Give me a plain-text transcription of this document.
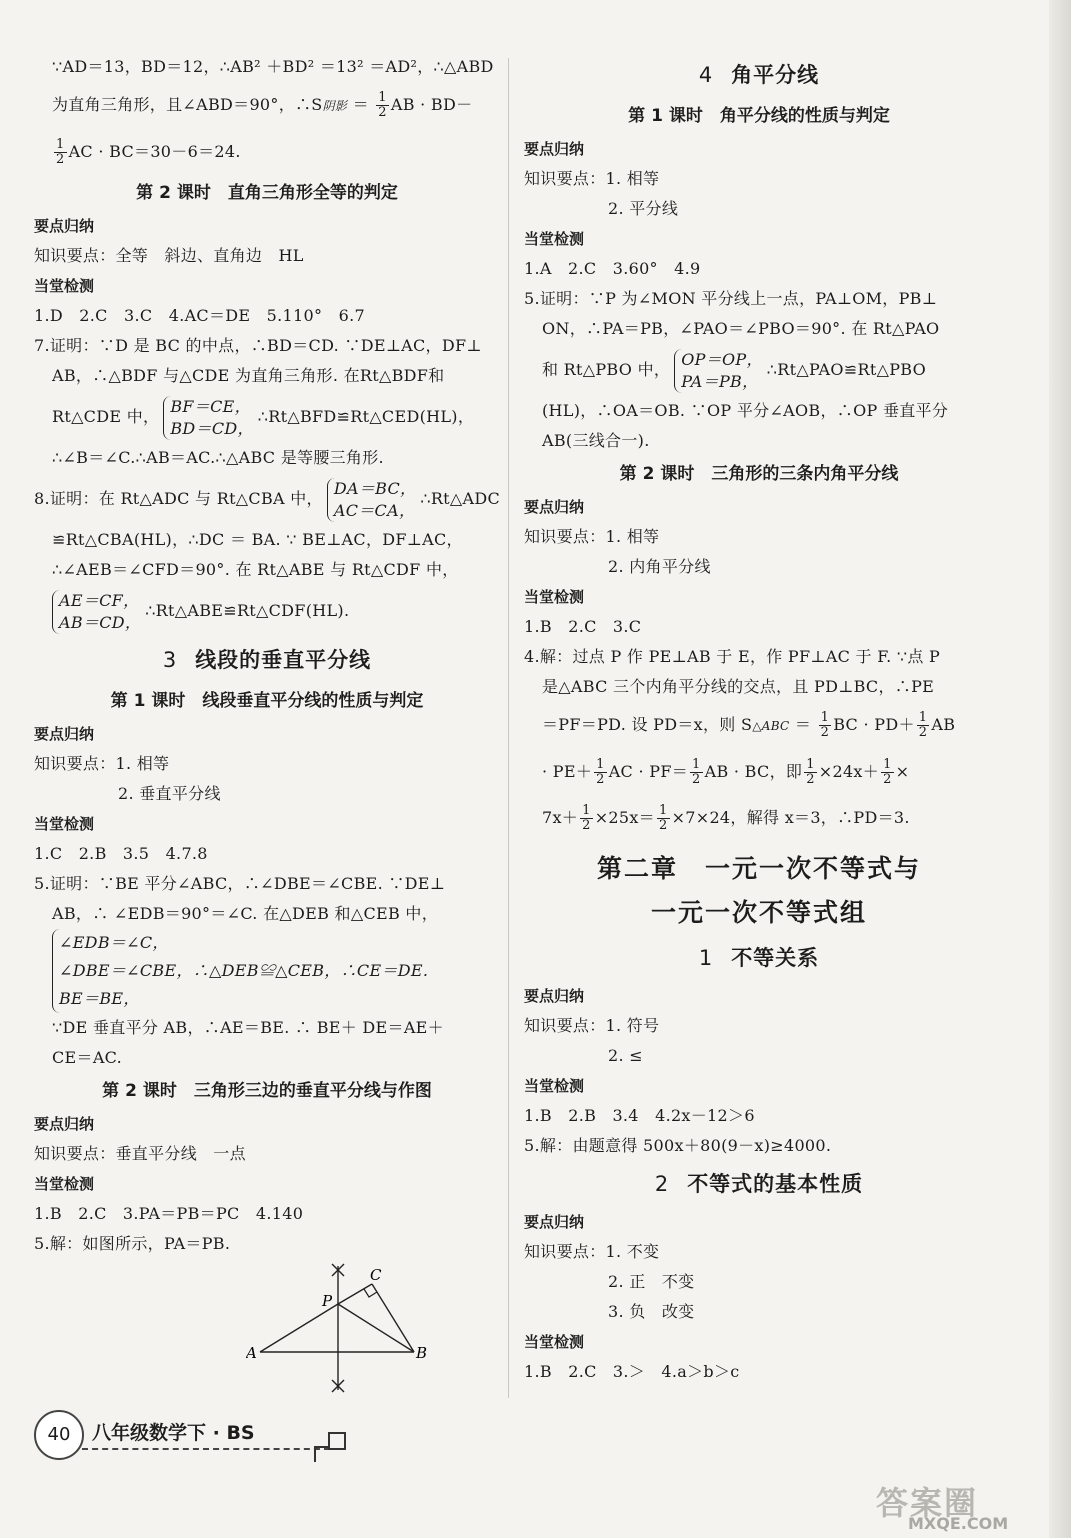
∵AD＝13，BD＝12，∴AB² ＋BD² ＝13² ＝AD²，∴△ABD
为直角三角形，且∠ABD＝90°，∴S阴影 ＝ $\frac{1}{2}$ AB · BD－
$\frac{1}{2}$ AC · BC＝30－6＝24.
第 2 课时　直角三角形全等的判定
要点归纳
知识要点：全等　斜边、直角边　HL
当堂检测
1.D　2.C　3.C　4.AC＝DE　5.110°　6.7
7.证明：∵D 是 BC 的中点，∴BD＝CD. ∵DE⊥AC，DF⊥
AB，∴△BDF 与△CDE 为直角三角形. 在Rt△BDF和
Rt△CDE 中，
BF＝CE，
BD＝CD，
∴Rt△BFD≌Rt△CED(HL)，
∴∠B＝∠C.∴AB＝AC.∴△ABC 是等腰三角形.
8.证明：在 Rt△ADC 与 Rt△CBA 中，
DA＝BC，
AC＝CA，
∴Rt△ADC
≌Rt△CBA(HL)，∴DC ＝ BA. ∵ BE⊥AC，DF⊥AC，
∴∠AEB＝∠CFD＝90°. 在 Rt△ABE 与 Rt△CDF 中，
AE＝CF，
AB＝CD，
∴Rt△ABE≌Rt△CDF(HL).
3 线段的垂直平分线
第 1 课时　线段垂直平分线的性质与判定
要点归纳
知识要点：1. 相等
2. 垂直平分线
当堂检测
1.C　2.B　3.5　4.7.8
5.证明：∵BE 平分∠ABC，∴∠DBE＝∠CBE. ∵DE⊥
AB，∴ ∠EDB＝90°＝∠C. 在△DEB 和△CEB 中，
∠EDB＝∠C，
∠DBE＝∠CBE，∴△DEB≌△CEB，∴CE＝DE.
BE＝BE，
∵DE 垂直平分 AB，∴AE＝BE. ∴ BE＋ DE＝AE＋
CE＝AC.
第 2 课时　三角形三边的垂直平分线与作图
要点归纳
知识要点：垂直平分线　一点
当堂检测
1.B　2.C　3.PA＝PB＝PC　4.140
5.解：如图所示，PA＝PB.
A	B
C
P
4 角平分线
第 1 课时　角平分线的性质与判定
要点归纳
知识要点：1. 相等
2. 平分线
当堂检测
1.A　2.C　3.60°　4.9
5.证明：∵P 为∠MON 平分线上一点，PA⊥OM，PB⊥
ON，∴PA＝PB，∠PAO＝∠PBO＝90°. 在 Rt△PAO
和 Rt△PBO 中，
OP＝OP，
PA＝PB，
∴Rt△PAO≌Rt△PBO
(HL)，∴OA＝OB. ∵OP 平分∠AOB，∴OP 垂直平分
AB(三线合一).
第 2 课时　三角形的三条内角平分线
要点归纳
知识要点：1. 相等
2. 内角平分线
当堂检测
1.B　2.C　3.C
4.解：过点 P 作 PE⊥AB 于 E，作 PF⊥AC 于 F. ∵点 P
是△ABC 三个内角平分线的交点，且 PD⊥BC，∴PE
＝PF＝PD. 设 PD＝x，则 S△ABC ＝ $\frac{1}{2}$ BC · $PD+ \frac{1}{2}$ AB
· $PE+ \frac{1}{2}$ AC · $PF= \frac{1}{2}$ AB · BC，即 $\frac{1}{2} \times 24x+ \frac{1}{2}$ ×
$7x+ \frac{1}{2} \times 25x= \frac{1}{2} \times 7\times 24$，解得 x＝3，∴PD＝3.
第二章　一元一次不等式与
一元一次不等式组
1 不等关系
要点归纳
知识要点：1. 符号
2. ≤
当堂检测
1.B　2.B　3.4　4.2x－12＞6
5.解：由题意得 500x＋80(9－x)≥4000.
2 不等式的基本性质
要点归纳
知识要点：1. 不变
2. 正　不变
3. 负　改变
当堂检测
1.B　2.C　3.＞　4.a＞b＞c
40	八年级数学下 · BS
答案圈
MXQE.COM
